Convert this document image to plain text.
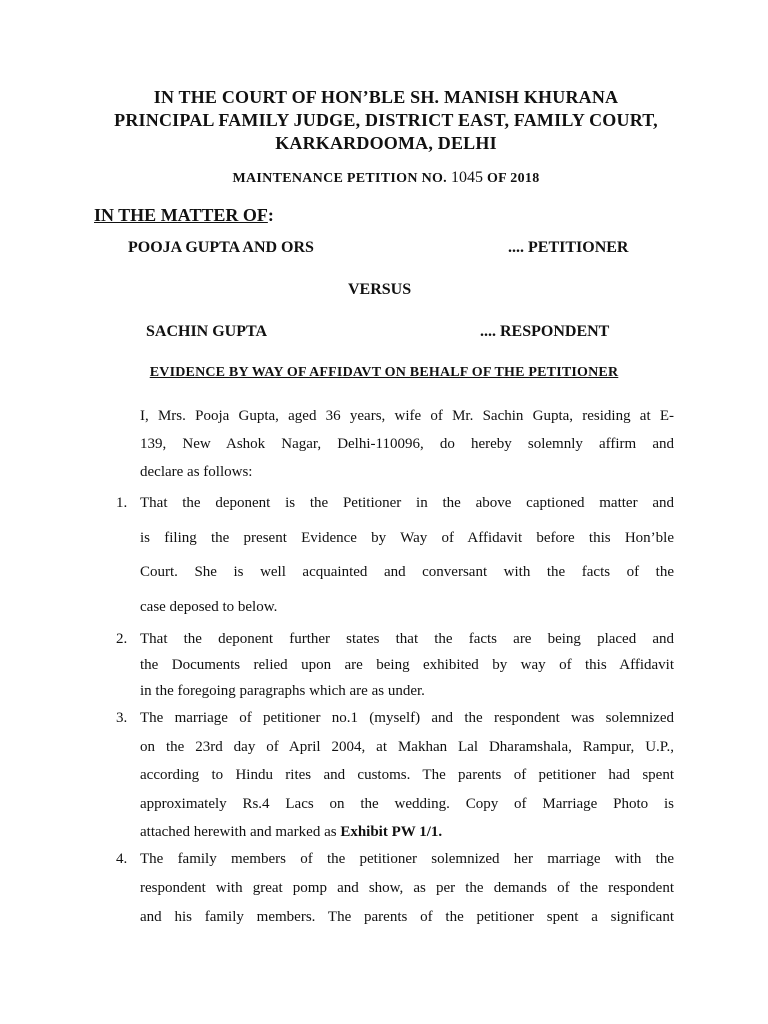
IN THE COURT OF HON’BLE SH. MANISH KHURANA
PRINCIPAL FAMILY JUDGE, DISTRICT EAST, FAMILY COURT,
KARKARDOOMA, DELHI
MAINTENANCE PETITION NO. 1045 OF 2018
IN THE MATTER OF:
POOJA GUPTA AND ORS	.... PETITIONER
VERSUS
SACHIN GUPTA	.... RESPONDENT
EVIDENCE BY WAY OF AFFIDAVT ON BEHALF OF THE PETITIONER
I, Mrs. Pooja Gupta, aged 36 years, wife of Mr. Sachin Gupta, residing at E-
139, New Ashok Nagar, Delhi-110096, do hereby solemnly affirm and
declare as follows:
1. That the deponent is the Petitioner in the above captioned matter and
is filing the present Evidence by Way of Affidavit before this Hon’ble
Court. She is well acquainted and conversant with the facts of the
case deposed to below.
2. That the deponent further states that the facts are being placed and
the Documents relied upon are being exhibited by way of this Affidavit
in the foregoing paragraphs which are as under.
3. The marriage of petitioner no.1 (myself) and the respondent was solemnized
on the 23rd day of April 2004, at Makhan Lal Dharamshala, Rampur, U.P.,
according to Hindu rites and customs. The parents of petitioner had spent
approximately Rs.4 Lacs on the wedding. Copy of Marriage Photo is
attached herewith and marked as Exhibit PW 1/1.
4. The family members of the petitioner solemnized her marriage with the
respondent with great pomp and show, as per the demands of the respondent
and his family members. The parents of the petitioner spent a significant
